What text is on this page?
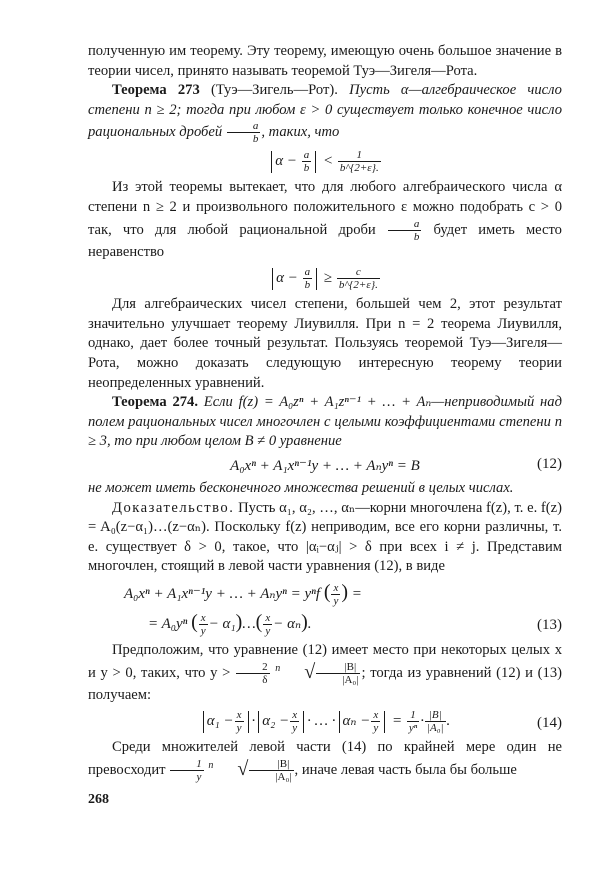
полученную им теорему. Эту теорему, имеющую очень большое значение в теории чисел, принято называть теоремой Туэ—Зигеля—Рота.

Теорема 273 (Туэ—Зигель—Рот). Пусть α—алгебраическое число степени n ≥ 2; тогда при любом ε > 0 существует только конечное число рациональных дробей $\frac{a}{b}$ , таких, что

$\alpha - \frac{a}{b} < \frac{1}{b\^{}\{2+\varepsilon\}.}$

Из этой теоремы вытекает, что для любого алгебраического числа α степени n ≥ 2 и произвольного положительного ε можно подобрать c > 0 так, что для любой рациональной дроби $\frac{a}{b}$ будет иметь место неравенство

$\alpha - \frac{a}{b} \ge \frac{c}{b\^{}\{2+\varepsilon\}.}$

Для алгебраических чисел степени, большей чем 2, этот результат значительно улучшает теорему Лиувилля. При n = 2 теорема Лиувилля, однако, дает более точный результат. Пользуясь теоремой Туэ—Зигеля—Рота, можно доказать следующую интересную теорему теории неопределенных уравнений.

Теорема 274. Если f(z) = A₀zⁿ + A₁zⁿ⁻¹ + … + Aₙ—неприводимый над полем рациональных чисел многочлен с целыми коэффициентами степени n ≥ 3, то при любом целом B ≠ 0 уравнение

A₀xⁿ + A₁xⁿ⁻¹y + … + Aₙyⁿ = B	(12)

не может иметь бесконечного множества решений в целых числах.

Доказательство. Пусть α₁, α₂, …, αₙ—корни многочлена f(z), т. е. f(z) = A₀(z−α₁)…(z−αₙ). Поскольку f(z) неприводим, все его корни различны, т. е. существует δ > 0, такое, что |αᵢ−αⱼ| > δ при всех i ≠ j. Представим многочлен, стоящий в левой части уравнения (12), в виде

A₀xⁿ + A₁xⁿ⁻¹y + … + Aₙyⁿ = yⁿf ( $\frac{x}{y}$ ) =
= A₀yⁿ ( $\frac{x}{y}$ − α₁)…( $\frac{x}{y} - \alpha_n$).	(13)

Предположим, что уравнение (12) имеет место при некоторых целых x и y > 0, таких, что $y > \frac{2}{\delta} ^n$ √ $\frac{|B|}{\text{|A₀|}}$ ; тогда из уравнений (12) и (13) получаем:

$\alpha_1 - \frac{x}{y} \cdot \alpha_2 - \frac{x}{y}$ · … · $\alpha_n - \frac{x}{y} = \frac{1}{\text{yⁿ}} \cdot \frac{|B|}{\text{|A₀|}}$ .	(14)

Среди множителей левой части (14) по крайней мере один не превосходит $\frac{1}{y} ^n$ √ $\frac{|B|}{\text{|A₀|}}$ , иначе левая часть была бы больше

268
